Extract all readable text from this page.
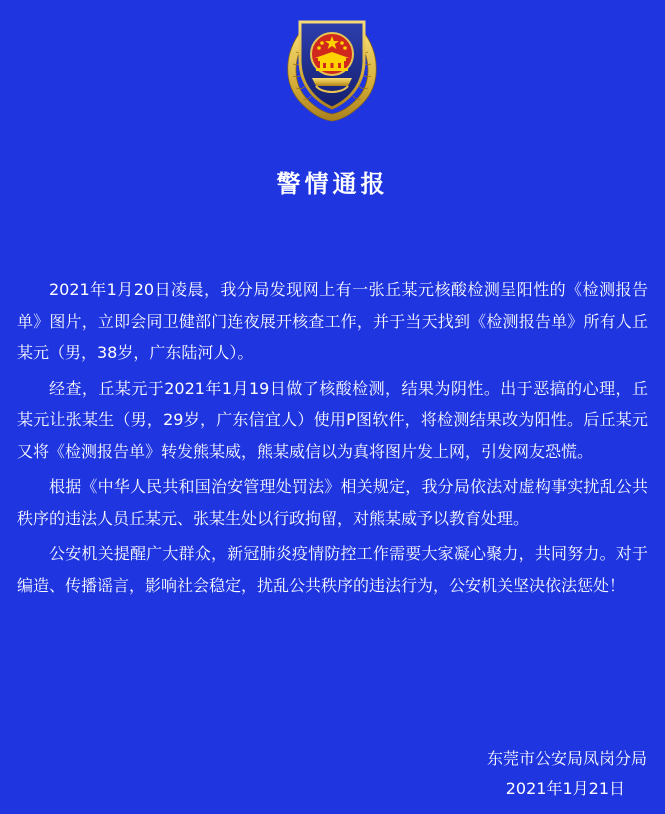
警情通报

2021年1月20日凌晨，我分局发现网上有一张丘某元核酸检测呈阳性的《检测报告单》图片，立即会同卫健部门连夜展开核查工作，并于当天找到《检测报告单》所有人丘某元（男，38岁，广东陆河人）。

经查，丘某元于2021年1月19日做了核酸检测，结果为阴性。出于恶搞的心理，丘某元让张某生（男，29岁，广东信宜人）使用P图软件，将检测结果改为阳性。后丘某元又将《检测报告单》转发熊某威，熊某威信以为真将图片发上网，引发网友恐慌。

根据《中华人民共和国治安管理处罚法》相关规定，我分局依法对虚构事实扰乱公共秩序的违法人员丘某元、张某生处以行政拘留，对熊某威予以教育处理。

公安机关提醒广大群众，新冠肺炎疫情防控工作需要大家凝心聚力，共同努力。对于编造、传播谣言，影响社会稳定，扰乱公共秩序的违法行为，公安机关坚决依法惩处！

东莞市公安局凤岗分局
2021年1月21日
